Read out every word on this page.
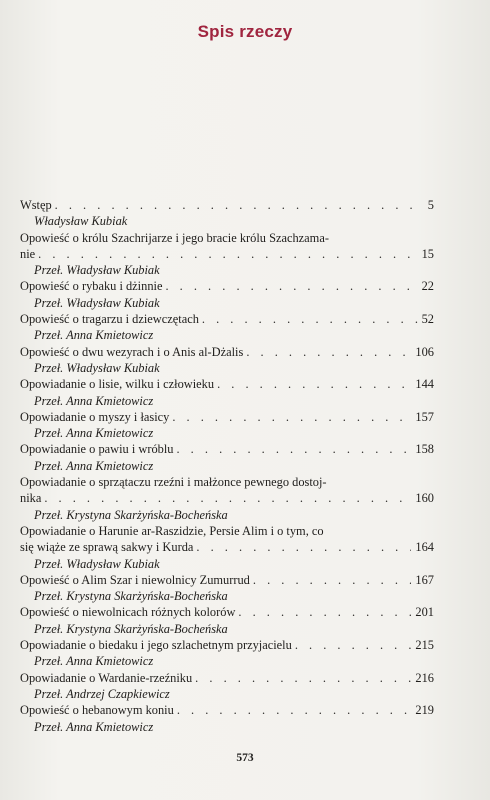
Spis rzeczy
Wstęp . . .	5
Władysław Kubiak
Opowieść o królu Szachrijarze i jego bracie królu Szachzama-
nie . . .	15
Przeł. Władysław Kubiak
Opowieść o rybaku i dżinnie . . .	22
Przeł. Władysław Kubiak
Opowieść o tragarzu i dziewczętach . . .	52
Przeł. Anna Kmietowicz
Opowieść o dwu wezyrach i o Anis al-Dżalis . . .	106
Przeł. Władysław Kubiak
Opowiadanie o lisie, wilku i człowieku . . .	144
Przeł. Anna Kmietowicz
Opowiadanie o myszy i łasicy . . .	157
Przeł. Anna Kmietowicz
Opowiadanie o pawiu i wróblu . . .	158
Przeł. Anna Kmietowicz
Opowiadanie o sprzątaczu rzeźni i małżonce pewnego dostoj-
nika . . .	160
Przeł. Krystyna Skarżyńska-Bocheńska
Opowiadanie o Harunie ar-Raszidzie, Persie Alim i o tym, co
się wiąże ze sprawą sakwy i Kurda . . .	164
Przeł. Władysław Kubiak
Opowieść o Alim Szar i niewolnicy Zumurrud . . .	167
Przeł. Krystyna Skarżyńska-Bocheńska
Opowieść o niewolnicach różnych kolorów . . .	201
Przeł. Krystyna Skarżyńska-Bocheńska
Opowiadanie o biedaku i jego szlachetnym przyjacielu . . .	215
Przeł. Anna Kmietowicz
Opowiadanie o Wardanie-rzeźniku . . .	216
Przeł. Andrzej Czapkiewicz
Opowieść o hebanowym koniu . . .	219
Przeł. Anna Kmietowicz
573
